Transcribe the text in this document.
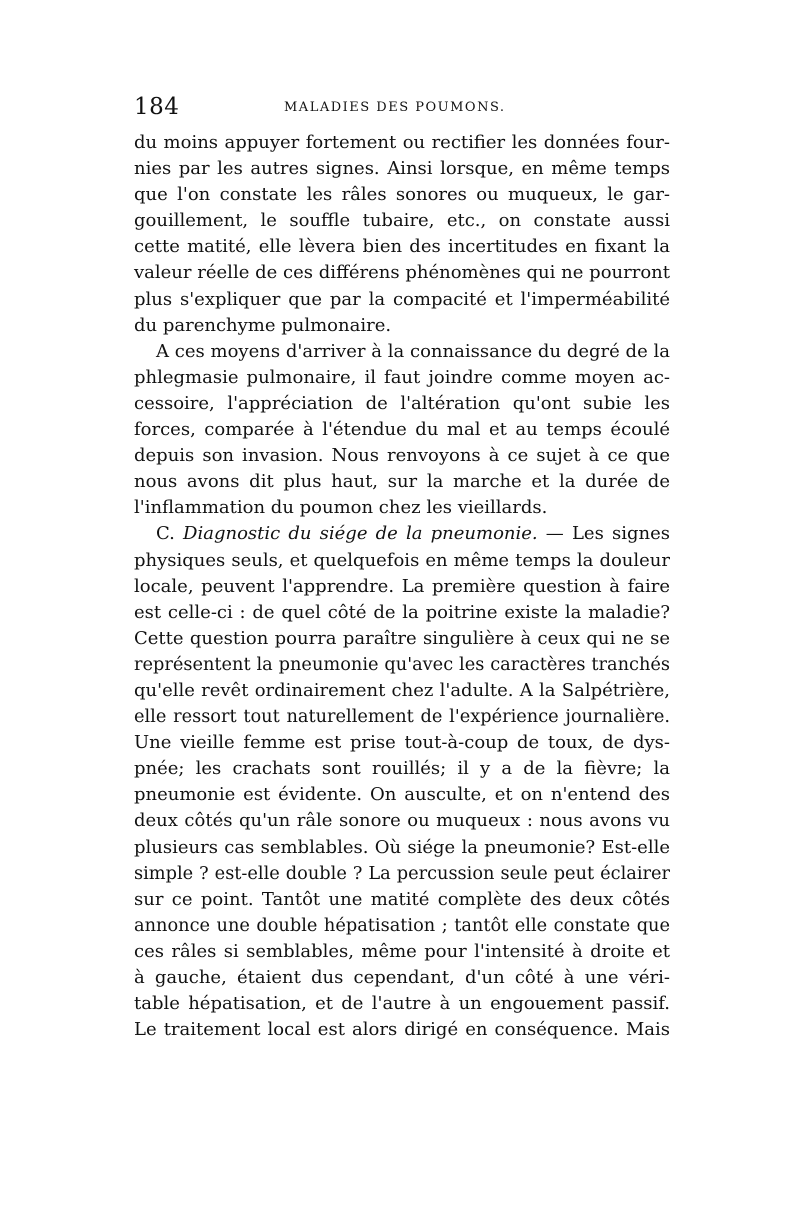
184	MALADIES DES POUMONS.
du moins appuyer fortement ou rectifier les données four-
nies par les autres signes. Ainsi lorsque, en même temps
que l'on constate les râles sonores ou muqueux, le gar-
gouillement, le souffle tubaire, etc., on constate aussi
cette matité, elle lèvera bien des incertitudes en fixant la
valeur réelle de ces différens phénomènes qui ne pourront
plus s'expliquer que par la compacité et l'imperméabilité
du parenchyme pulmonaire.
A ces moyens d'arriver à la connaissance du degré de la
phlegmasie pulmonaire, il faut joindre comme moyen ac-
cessoire, l'appréciation de l'altération qu'ont subie les
forces, comparée à l'étendue du mal et au temps écoulé
depuis son invasion. Nous renvoyons à ce sujet à ce que
nous avons dit plus haut, sur la marche et la durée de
l'inflammation du poumon chez les vieillards.
C. Diagnostic du siége de la pneumonie. — Les signes
physiques seuls, et quelquefois en même temps la douleur
locale, peuvent l'apprendre. La première question à faire
est celle-ci : de quel côté de la poitrine existe la maladie?
Cette question pourra paraître singulière à ceux qui ne se
représentent la pneumonie qu'avec les caractères tranchés
qu'elle revêt ordinairement chez l'adulte. A la Salpétrière,
elle ressort tout naturellement de l'expérience journalière.
Une vieille femme est prise tout-à-coup de toux, de dys-
pnée; les crachats sont rouillés; il y a de la fièvre; la
pneumonie est évidente. On ausculte, et on n'entend des
deux côtés qu'un râle sonore ou muqueux : nous avons vu
plusieurs cas semblables. Où siége la pneumonie? Est-elle
simple ? est-elle double ? La percussion seule peut éclairer
sur ce point. Tantôt une matité complète des deux côtés
annonce une double hépatisation ; tantôt elle constate que
ces râles si semblables, même pour l'intensité à droite et
à gauche, étaient dus cependant, d'un côté à une véri-
table hépatisation, et de l'autre à un engouement passif.
Le traitement local est alors dirigé en conséquence. Mais
